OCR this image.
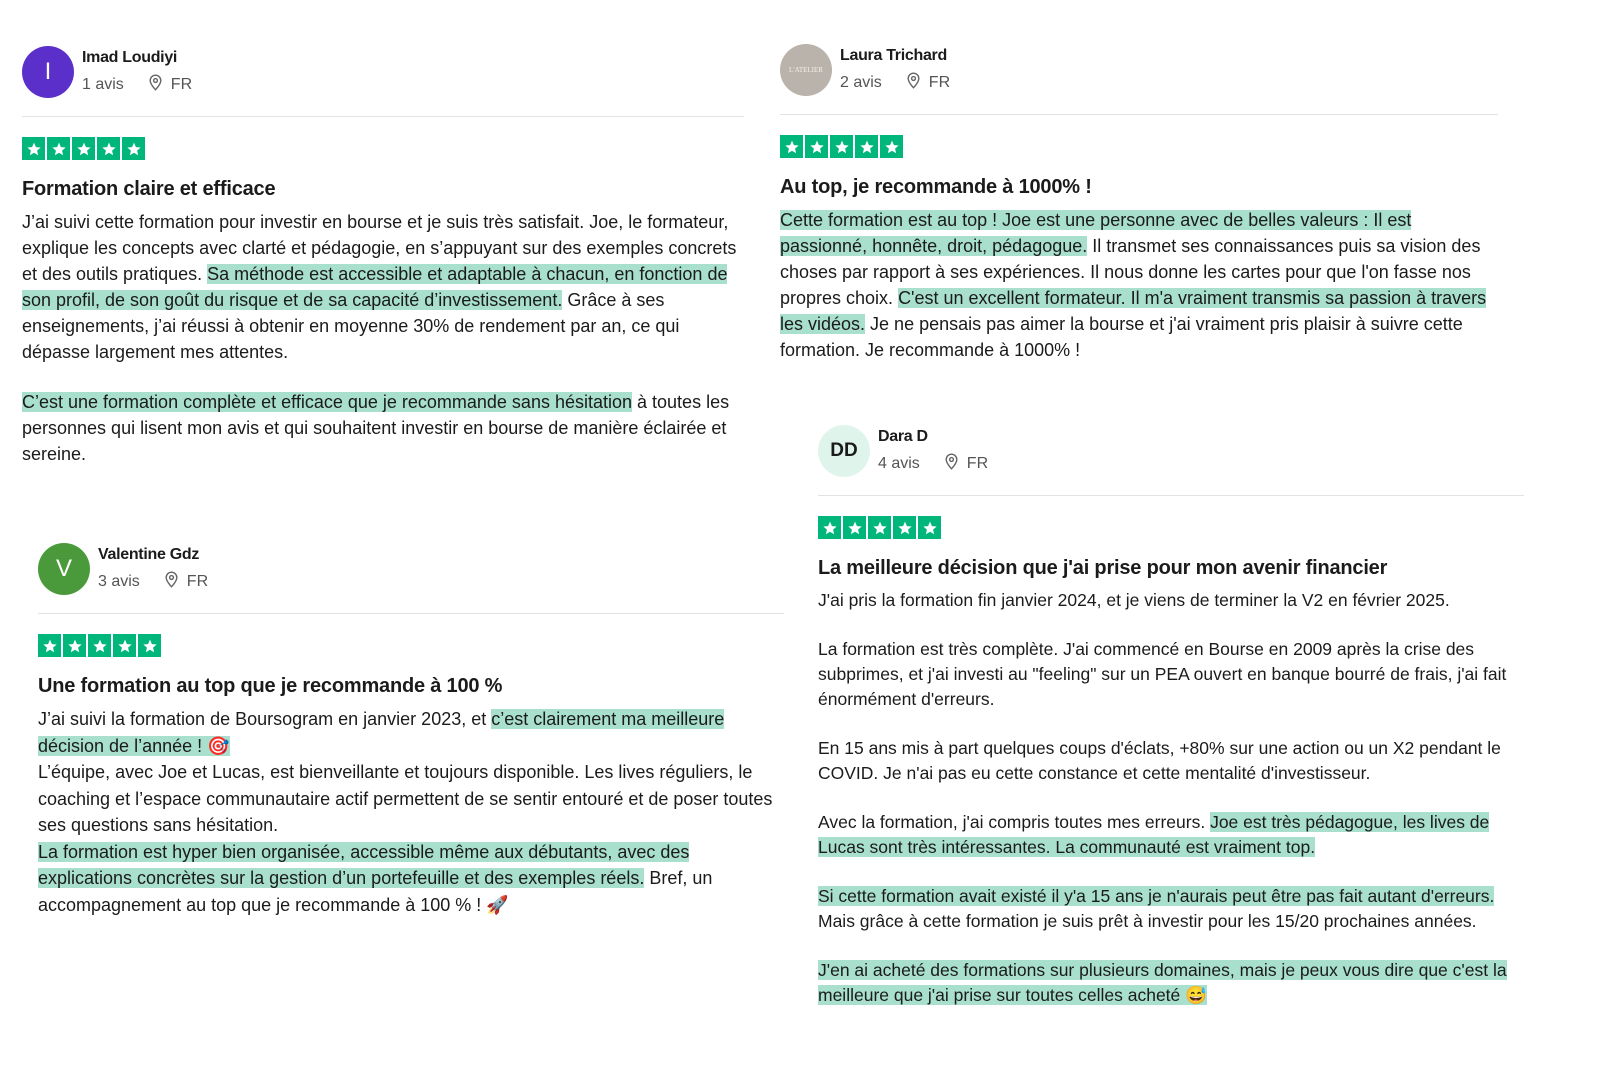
I
Imad Loudiyi
1 avis	FR
Formation claire et efficace

J’ai suivi cette formation pour investir en bourse et je suis très satisfait. Joe, le formateur, explique les concepts avec clarté et pédagogie, en s’appuyant sur des exemples concrets et des outils pratiques. Sa méthode est accessible et adaptable à chacun, en fonction de son profil, de son goût du risque et de sa capacité d’investissement. Grâce à ses enseignements, j’ai réussi à obtenir en moyenne 30% de rendement par an, ce qui dépasse largement mes attentes.

C’est une formation complète et efficace que je recommande sans hésitation à toutes les personnes qui lisent mon avis et qui souhaitent investir en bourse de manière éclairée et sereine.

L'ATELIER
Laura Trichard
2 avis	FR
Au top, je recommande à 1000% !

Cette formation est au top ! Joe est une personne avec de belles valeurs : Il est passionné, honnête, droit, pédagogue. Il transmet ses connaissances puis sa vision des choses par rapport à ses expériences. Il nous donne les cartes pour que l'on fasse nos propres choix. C'est un excellent formateur. Il m'a vraiment transmis sa passion à travers les vidéos. Je ne pensais pas aimer la bourse et j'ai vraiment pris plaisir à suivre cette formation. Je recommande à 1000% !

V
Valentine Gdz
3 avis	FR
Une formation au top que je recommande à 100 %

J’ai suivi la formation de Boursogram en janvier 2023, et c’est clairement ma meilleure décision de l’année ! 🎯

L’équipe, avec Joe et Lucas, est bienveillante et toujours disponible. Les lives réguliers, le coaching et l’espace communautaire actif permettent de se sentir entouré et de poser toutes ses questions sans hésitation.

La formation est hyper bien organisée, accessible même aux débutants, avec des explications concrètes sur la gestion d’un portefeuille et des exemples réels. Bref, un accompagnement au top que je recommande à 100 % ! 🚀

DD
Dara D
4 avis	FR
La meilleure décision que j'ai prise pour mon avenir financier

J'ai pris la formation fin janvier 2024, et je viens de terminer la V2 en février 2025.

La formation est très complète. J'ai commencé en Bourse en 2009 après la crise des subprimes, et j'ai investi au "feeling" sur un PEA ouvert en banque bourré de frais, j'ai fait énormément d'erreurs.

En 15 ans mis à part quelques coups d'éclats, +80% sur une action ou un X2 pendant le COVID. Je n'ai pas eu cette constance et cette mentalité d'investisseur.

Avec la formation, j'ai compris toutes mes erreurs. Joe est très pédagogue, les lives de Lucas sont très intéressantes. La communauté est vraiment top.

Si cette formation avait existé il y'a 15 ans je n'aurais peut être pas fait autant d'erreurs. Mais grâce à cette formation je suis prêt à investir pour les 15/20 prochaines années.

J'en ai acheté des formations sur plusieurs domaines, mais je peux vous dire que c'est la meilleure que j'ai prise sur toutes celles acheté 😅
